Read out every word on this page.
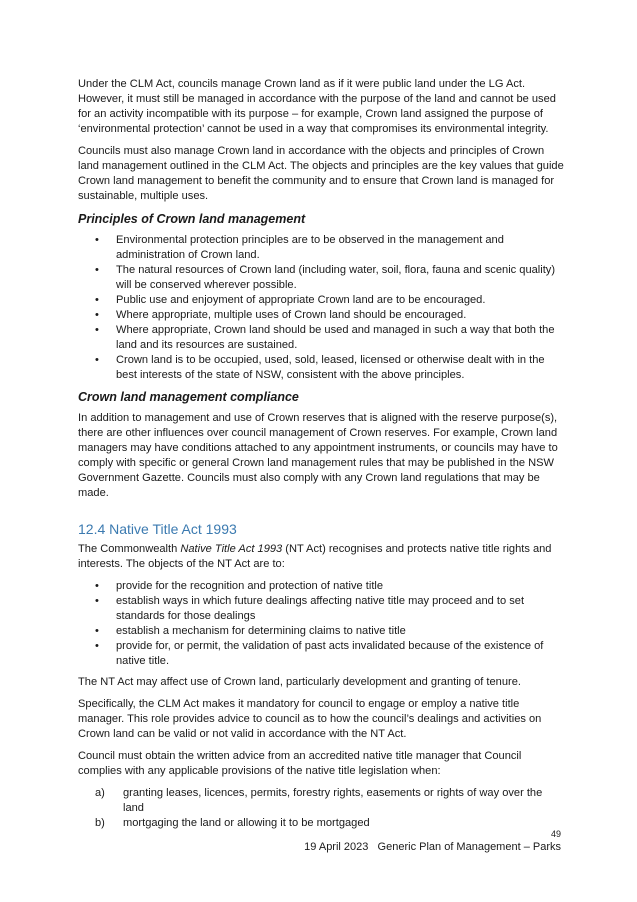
Under the CLM Act, councils manage Crown land as if it were public land under the LG Act. However, it must still be managed in accordance with the purpose of the land and cannot be used for an activity incompatible with its purpose – for example, Crown land assigned the purpose of ‘environmental protection’ cannot be used in a way that compromises its environmental integrity.

Councils must also manage Crown land in accordance with the objects and principles of Crown land management outlined in the CLM Act. The objects and principles are the key values that guide Crown land management to benefit the community and to ensure that Crown land is managed for sustainable, multiple uses.

Principles of Crown land management
• Environmental protection principles are to be observed in the management and administration of Crown land.
• The natural resources of Crown land (including water, soil, flora, fauna and scenic quality) will be conserved wherever possible.
• Public use and enjoyment of appropriate Crown land are to be encouraged.
• Where appropriate, multiple uses of Crown land should be encouraged.
• Where appropriate, Crown land should be used and managed in such a way that both the land and its resources are sustained.
• Crown land is to be occupied, used, sold, leased, licensed or otherwise dealt with in the best interests of the state of NSW, consistent with the above principles.
Crown land management compliance

In addition to management and use of Crown reserves that is aligned with the reserve purpose(s), there are other influences over council management of Crown reserves. For example, Crown land managers may have conditions attached to any appointment instruments, or councils may have to comply with specific or general Crown land management rules that may be published in the NSW Government Gazette. Councils must also comply with any Crown land regulations that may be made.

12.4 Native Title Act 1993

The Commonwealth Native Title Act 1993 (NT Act) recognises and protects native title rights and interests. The objects of the NT Act are to:

• provide for the recognition and protection of native title
• establish ways in which future dealings affecting native title may proceed and to set standards for those dealings
• establish a mechanism for determining claims to native title
• provide for, or permit, the validation of past acts invalidated because of the existence of native title.

The NT Act may affect use of Crown land, particularly development and granting of tenure.

Specifically, the CLM Act makes it mandatory for council to engage or employ a native title manager. This role provides advice to council as to how the council’s dealings and activities on Crown land can be valid or not valid in accordance with the NT Act.

Council must obtain the written advice from an accredited native title manager that Council complies with any applicable provisions of the native title legislation when:

a) granting leases, licences, permits, forestry rights, easements or rights of way over the land
b) mortgaging the land or allowing it to be mortgaged
49
19 April 2023   Generic Plan of Management – Parks
